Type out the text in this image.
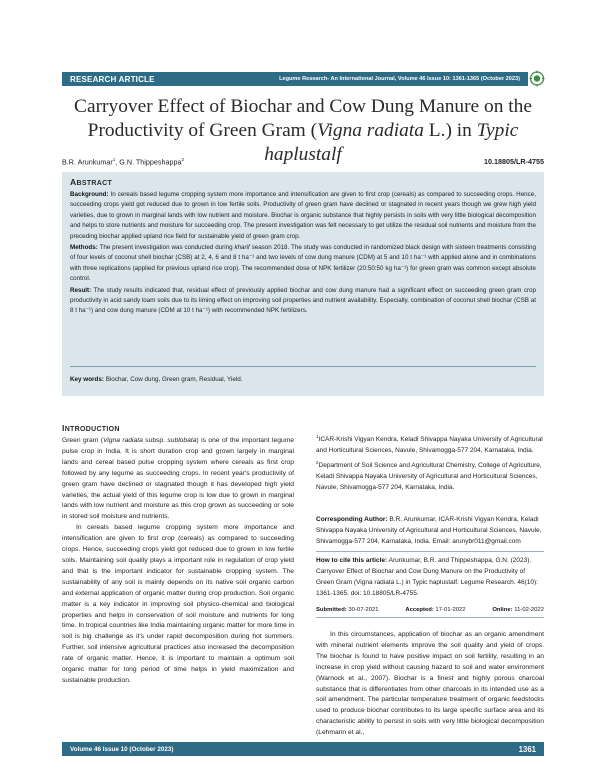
RESEARCH ARTICLE	Legume Research- An International Journal, Volume 46 Issue 10: 1361-1365 (October 2023)
Carryover Effect of Biochar and Cow Dung Manure on the Productivity of Green Gram (Vigna radiata L.) in Typic haplustalf
B.R. Arunkumar$^1$, G.N. Thippeshappa$^2$	10.18805/LR-4755
ABSTRACT

Background: In cereals based legume cropping system more importance and intensification are given to first crop (cereals) as compared to succeeding crops. Hence, succeeding crops yield got reduced due to grown in low fertile soils. Productivity of green gram have declined or stagnated in recent years though we grew high yield varieties, due to grown in marginal lands with low nutrient and moisture. Biochar is organic substance that highly persists in soils with very little biological decomposition and helps to store nutrients and moisture for succeeding crop. The present investigation was felt necessary to get utilize the residual soil nutrients and moisture from the preceding biochar applied upland rice field for sustainable yield of green gram crop.

Methods: The present investigation was conducted during kharif season 2018. The study was conducted in randomized black design with sixteen treatments consisting of four levels of coconut shell biochar (CSB) at 2, 4, 6 and 8 t ha⁻¹ and two levels of cow dung manure (CDM) at 5 and 10 t ha⁻¹ with applied alone and in combinations with three replications (applied for previous upland rice crop). The recommended dose of NPK fertilizer (20:50:50 kg ha⁻¹) for green gram was common except absolute control.

Result: The study results indicated that, residual effect of previously applied biochar and cow dung manure had a significant effect on succeeding green gram crop productivity in acid sandy loam soils due to its liming effect on improving soil properties and nutrient availability. Especially, combination of coconut shell biochar (CSB at 8 t ha⁻¹) and cow dung manure (CDM at 10 t ha⁻¹) with recommended NPK fertilizers.

Key words: Biochar, Cow dung, Green gram, Residual, Yield.
INTRODUCTION

Green gram (Vigna radiata subsp. sublobata) is one of the important legume pulse crop in India. It is short duration crop and grown largely in marginal lands and cereal based pulse cropping system where cereals as first crop followed by any legume as succeeding crops. In recent year's productivity of green gram have declined or stagnated though it has developed high yield varieties, the actual yield of this legume crop is low due to grown in marginal lands with low nutrient and moisture as this crop grown as succeeding or sole in stored soil moisture and nutrients.

In cereals based legume cropping system more importance and intensification are given to first crop (cereals) as compared to succeeding crops. Hence, succeeding crops yield got reduced due to grown in low fertile soils. Maintaining soil quality plays a important role in regulation of crop yield and that is the important indicator for sustainable cropping system. The sustainability of any soil is mainly depends on its native soil organic carbon and external application of organic matter during crop production. Soil organic matter is a key indicator in improving soil physico-chemical and biological properties and helps in conservation of soil moisture and nutrients for long time. In tropical countries like India maintaining organic matter for more time in soil is big challenge as it's under rapid decomposition during hot summers. Further, soil intensive agricultural practices also increased the decomposition rate of organic matter. Hence, it is important to maintain a optimum soil organic matter for long period of time helps in yield maximization and sustainable production.

$^1$ICAR-Krishi Vigyan Kendra, Keladi Shivappa Nayaka University of Agricultural and Horticultural Sciences, Navule, Shivamogga-577 204, Karnataka, India.

$^2$Department of Soil Science and Agricultural Chemistry, College of Agriculture, Keladi Shivappa Nayaka University of Agricultural and Horticultural Sciences, Navule, Shivamogga-577 204, Karnataka, India.

Corresponding Author: B.R. Arunkumar, ICAR-Krishi Vigyan Kendra, Keladi Shivappa Nayaka University of Agricultural and Horticultural Sciences, Navule, Shivamogga-577 204, Karnataka, India. Email: arunybr011@gmail.com
How to cite this article: Arunkumar, B.R. and Thippeshappa, G.N. (2023). Carryover Effect of Biochar and Cow Dung Manure on the Productivity of Green Gram (Vigna radiata L.) in Typic haplustalf. Legume Research. 46(10): 1361-1365. doi: 10.18805/LR-4755.
Submitted: 30-07-2021	Accepted: 17-01-2022	Online: 11-02-2022
In this circumstances, application of biochar as an organic amendment with mineral nutrient elements improve the soil quality and yield of crops. The biochar is found to have positive impact on soil fertility, resulting in an increase in crop yield without causing hazard to soil and water environment (Warnock et al., 2007). Biochar is a finest and highly porous charcoal substance that is differentiates from other charcoals in its intended use as a soil amendment. The particular temperature treatment of organic feedstocks used to produce biochar contributes to its large specific surface area and its characteristic ability to persist in soils with very little biological decomposition (Lehmann et al.,
Volume 46 Issue 10 (October 2023)	1361
